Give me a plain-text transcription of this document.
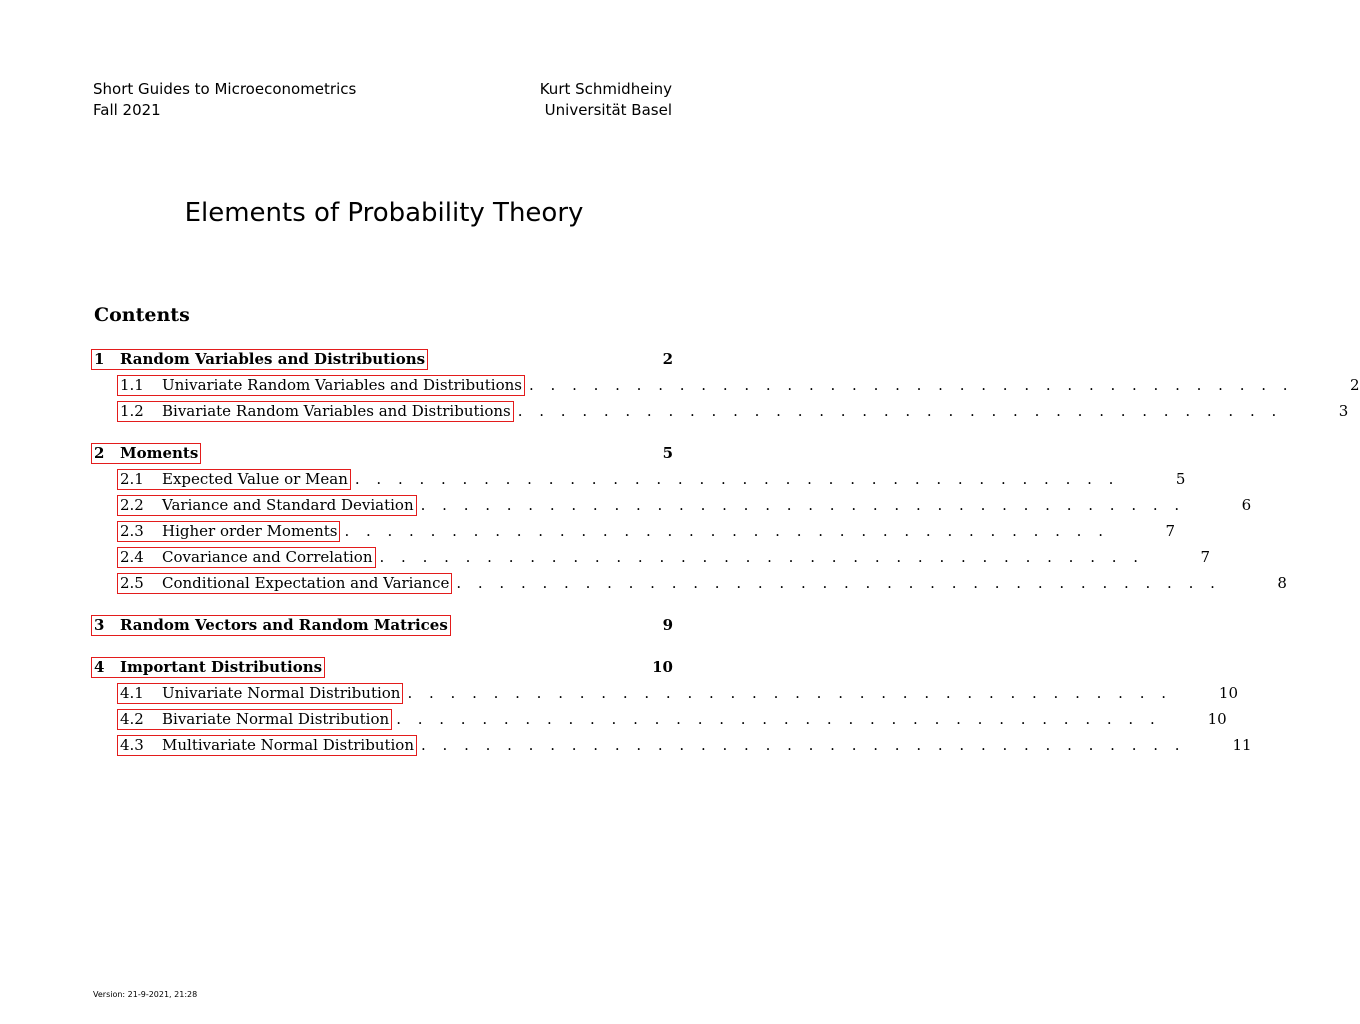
Short Guides to Microeconometrics
Fall 2021
Kurt Schmidheiny
Universität Basel
Elements of Probability Theory
Contents
1	Random Variables and Distributions	2
1.1	Univariate Random Variables and Distributions . . . . . . . . . . . . . . . . . . . . . . . . . . . . . . . . . . . .	2
1.2	Bivariate Random Variables and Distributions . . . . . . . . . . . . . . . . . . . . . . . . . . . . . . . . . . . .	3
2	Moments	5
2.1	Expected Value or Mean . . . . . . . . . . . . . . . . . . . . . . . . . . . . . . . . . . . .	5
2.2	Variance and Standard Deviation . . . . . . . . . . . . . . . . . . . . . . . . . . . . . . . . . . . .	6
2.3	Higher order Moments . . . . . . . . . . . . . . . . . . . . . . . . . . . . . . . . . . . .	7
2.4	Covariance and Correlation . . . . . . . . . . . . . . . . . . . . . . . . . . . . . . . . . . . .	7
2.5	Conditional Expectation and Variance . . . . . . . . . . . . . . . . . . . . . . . . . . . . . . . . . . . .	8
3	Random Vectors and Random Matrices	9
4	Important Distributions	10
4.1	Univariate Normal Distribution . . . . . . . . . . . . . . . . . . . . . . . . . . . . . . . . . . . .	10
4.2	Bivariate Normal Distribution . . . . . . . . . . . . . . . . . . . . . . . . . . . . . . . . . . . .	10
4.3	Multivariate Normal Distribution . . . . . . . . . . . . . . . . . . . . . . . . . . . . . . . . . . . .	11
Version: 21-9-2021, 21:28
